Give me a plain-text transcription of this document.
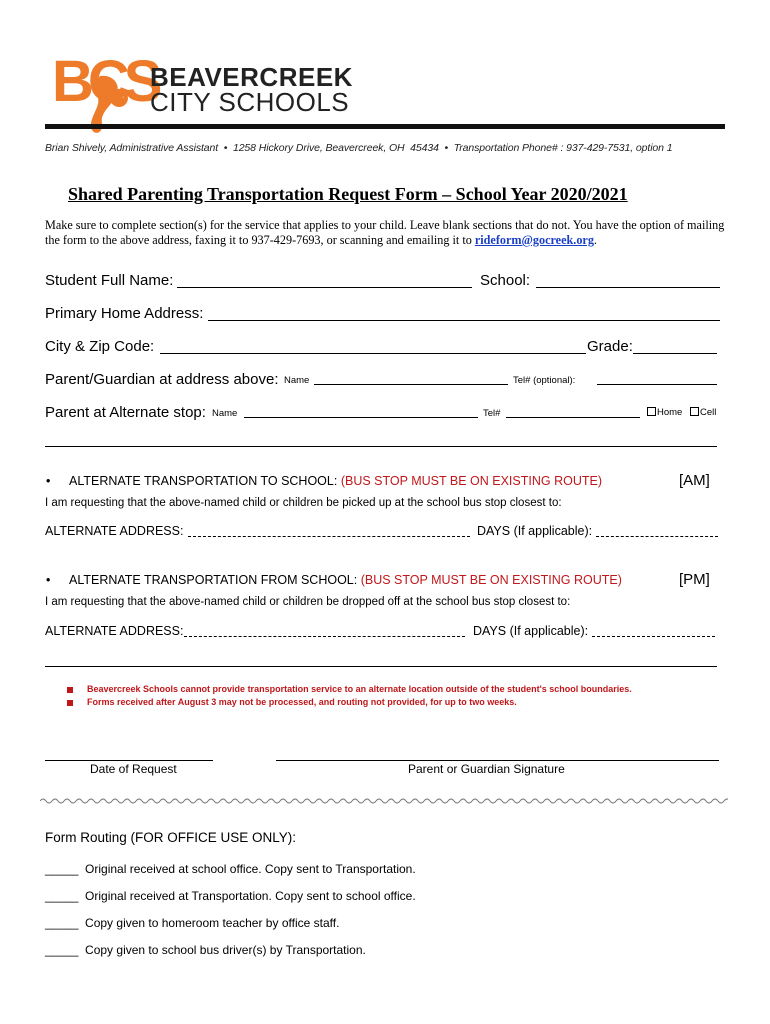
BCS
BEAVERCREEK
CITY SCHOOLS
Brian Shively, Administrative Assistant  •  1258 Hickory Drive, Beavercreek, OH  45434  •  Transportation Phone# : 937-429-7531, option 1
Shared Parenting Transportation Request Form – School Year 2020/2021
Make sure to complete section(s) for the service that applies to your child. Leave blank sections that do not. You have the option of mailing the form to the above address, faxing it to 937-429-7693, or scanning and emailing it to rideform@gocreek.org.
Student Full Name:	School:
Primary Home Address:
City & Zip Code:	Grade:
Parent/Guardian at address above: Name	Tel# (optional):
Parent at Alternate stop: Name	Tel#	Home	Cell
• ALTERNATE TRANSPORTATION TO SCHOOL: (BUS STOP MUST BE ON EXISTING ROUTE)	[AM]
I am requesting that the above-named child or children be picked up at the school bus stop closest to:
ALTERNATE ADDRESS:	DAYS (If applicable):
• ALTERNATE TRANSPORTATION FROM SCHOOL: (BUS STOP MUST BE ON EXISTING ROUTE)	[PM]
I am requesting that the above-named child or children be dropped off at the school bus stop closest to:
ALTERNATE ADDRESS:	DAYS (If applicable):
Beavercreek Schools cannot provide transportation service to an alternate location outside of the student's school boundaries.
Forms received after August 3 may not be processed, and routing not provided, for up to two weeks.
Date of Request	Parent or Guardian Signature
Form Routing (FOR OFFICE USE ONLY):
_____ Original received at school office. Copy sent to Transportation.
_____ Original received at Transportation. Copy sent to school office.
_____ Copy given to homeroom teacher by office staff.
_____ Copy given to school bus driver(s) by Transportation.
